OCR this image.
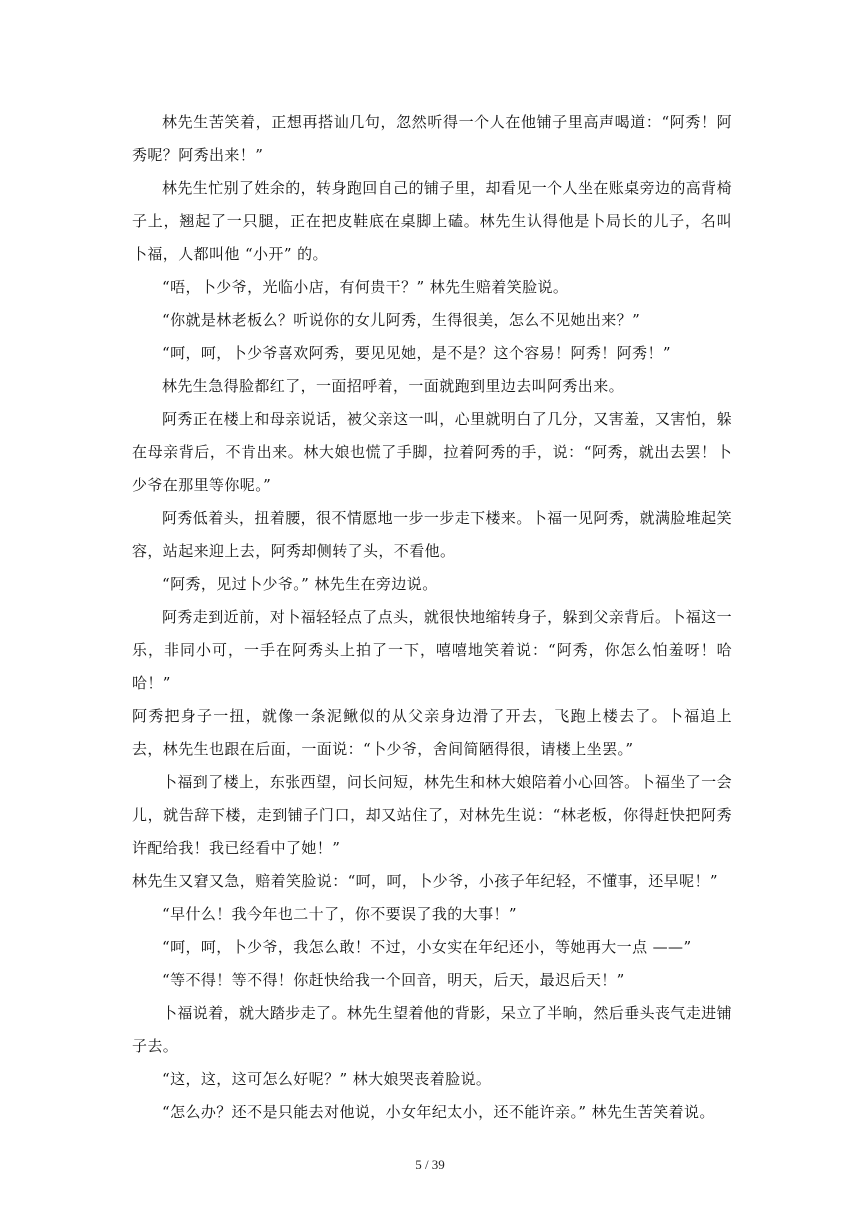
林先生苦笑着，正想再搭讪几句，忽然听得一个人在他铺子里高声喝道：“阿秀！阿秀呢？阿秀出来！”

林先生忙别了姓余的，转身跑回自己的铺子里，却看见一个人坐在账桌旁边的高背椅子上，翘起了一只腿，正在把皮鞋底在桌脚上磕。林先生认得他是卜局长的儿子，名叫卜福，人都叫他 “小开” 的。

“唔，卜少爷，光临小店，有何贵干？” 林先生赔着笑脸说。

“你就是林老板么？听说你的女儿阿秀，生得很美，怎么不见她出来？”

“呵，呵，卜少爷喜欢阿秀，要见见她，是不是？这个容易！阿秀！阿秀！”

林先生急得脸都红了，一面招呼着，一面就跑到里边去叫阿秀出来。

阿秀正在楼上和母亲说话，被父亲这一叫，心里就明白了几分，又害羞，又害怕，躲在母亲背后，不肯出来。林大娘也慌了手脚，拉着阿秀的手，说：“阿秀，就出去罢！卜少爷在那里等你呢。”

阿秀低着头，扭着腰，很不情愿地一步一步走下楼来。卜福一见阿秀，就满脸堆起笑容，站起来迎上去，阿秀却侧转了头，不看他。

“阿秀，见过卜少爷。” 林先生在旁边说。

阿秀走到近前，对卜福轻轻点了点头，就很快地缩转身子，躲到父亲背后。卜福这一乐，非同小可，一手在阿秀头上拍了一下，嘻嘻地笑着说：“阿秀，你怎么怕羞呀！哈哈！”

阿秀把身子一扭，就像一条泥鳅似的从父亲身边滑了开去，飞跑上楼去了。卜福追上去，林先生也跟在后面，一面说：“卜少爷，舍间简陋得很，请楼上坐罢。”

卜福到了楼上，东张西望，问长问短，林先生和林大娘陪着小心回答。卜福坐了一会儿，就告辞下楼，走到铺子门口，却又站住了，对林先生说：“林老板，你得赶快把阿秀许配给我！我已经看中了她！”

林先生又窘又急，赔着笑脸说：“呵，呵，卜少爷，小孩子年纪轻，不懂事，还早呢！”

“早什么！我今年也二十了，你不要误了我的大事！”

“呵，呵，卜少爷，我怎么敢！不过，小女实在年纪还小，等她再大一点 ——”

“等不得！等不得！你赶快给我一个回音，明天，后天，最迟后天！”

卜福说着，就大踏步走了。林先生望着他的背影，呆立了半晌，然后垂头丧气走进铺子去。

“这，这，这可怎么好呢？” 林大娘哭丧着脸说。

“怎么办？还不是只能去对他说，小女年纪太小，还不能许亲。” 林先生苦笑着说。

5 / 39
